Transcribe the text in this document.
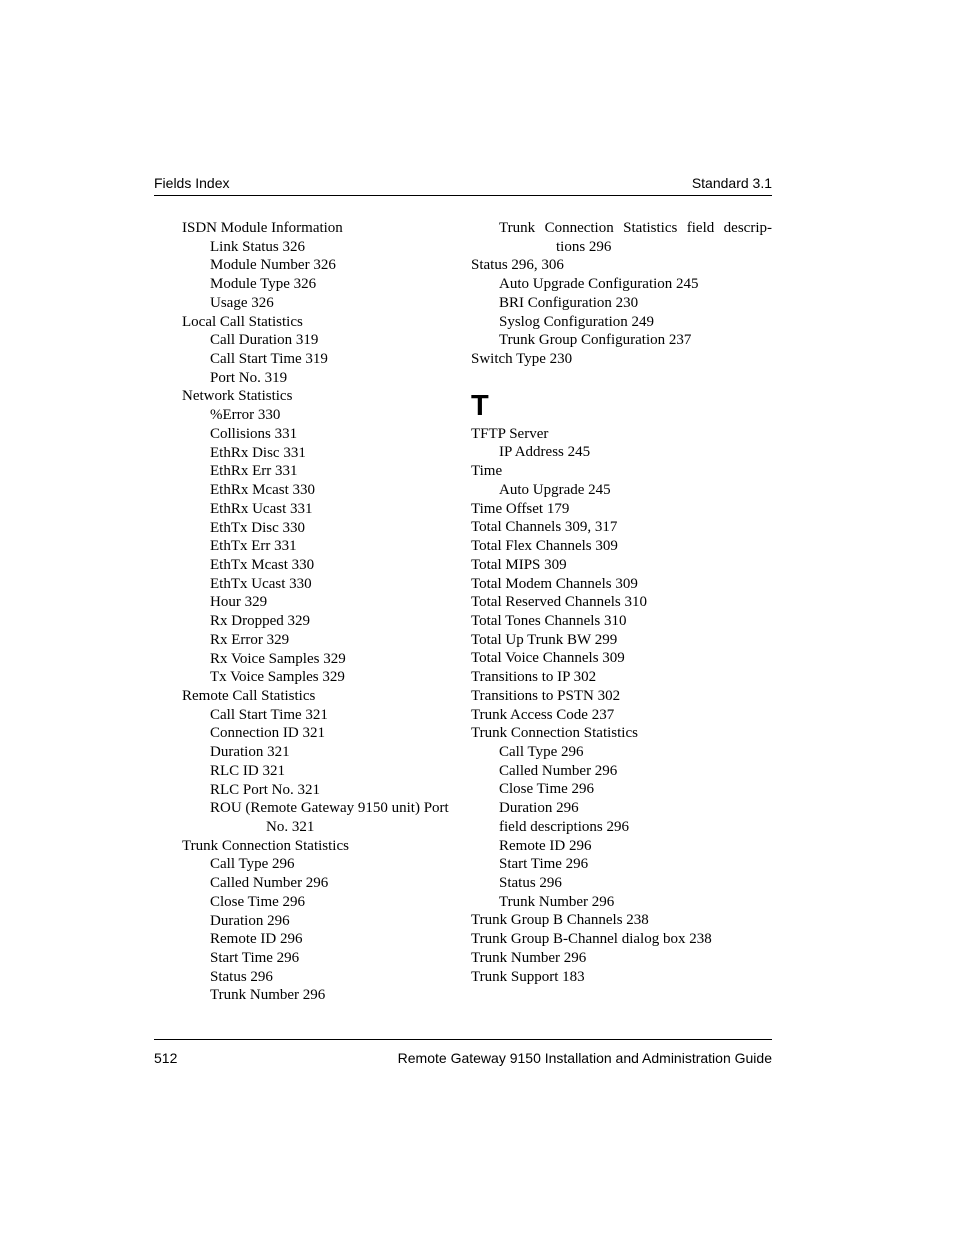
Fields Index	Standard 3.1
ISDN Module Information
Link Status 326
Module Number 326
Module Type 326
Usage 326
Local Call Statistics
Call Duration 319
Call Start Time 319
Port No. 319
Network Statistics
%Error 330
Collisions 331
EthRx Disc 331
EthRx Err 331
EthRx Mcast 330
EthRx Ucast 331
EthTx Disc 330
EthTx Err 331
EthTx Mcast 330
EthTx Ucast 330
Hour 329
Rx Dropped 329
Rx Error 329
Rx Voice Samples 329
Tx Voice Samples 329
Remote Call Statistics
Call Start Time 321
Connection ID 321
Duration 321
RLC ID 321
RLC Port No. 321
ROU (Remote Gateway 9150 unit) Port No. 321
Trunk Connection Statistics
Call Type 296
Called Number 296
Close Time 296
Duration 296
Remote ID 296
Start Time 296
Status 296
Trunk Number 296
Trunk Connection Statistics field descrip-tions 296
Status 296, 306
Auto Upgrade Configuration 245
BRI Configuration 230
Syslog Configuration 249
Trunk Group Configuration 237
Switch Type 230
T
TFTP Server
IP Address 245
Time
Auto Upgrade 245
Time Offset 179
Total Channels 309, 317
Total Flex Channels 309
Total MIPS 309
Total Modem Channels 309
Total Reserved Channels 310
Total Tones Channels 310
Total Up Trunk BW 299
Total Voice Channels 309
Transitions to IP 302
Transitions to PSTN 302
Trunk Access Code 237
Trunk Connection Statistics
Call Type 296
Called Number 296
Close Time 296
Duration 296
field descriptions 296
Remote ID 296
Start Time 296
Status 296
Trunk Number 296
Trunk Group B Channels 238
Trunk Group B-Channel dialog box 238
Trunk Number 296
Trunk Support 183
512	Remote Gateway 9150 Installation and Administration Guide
